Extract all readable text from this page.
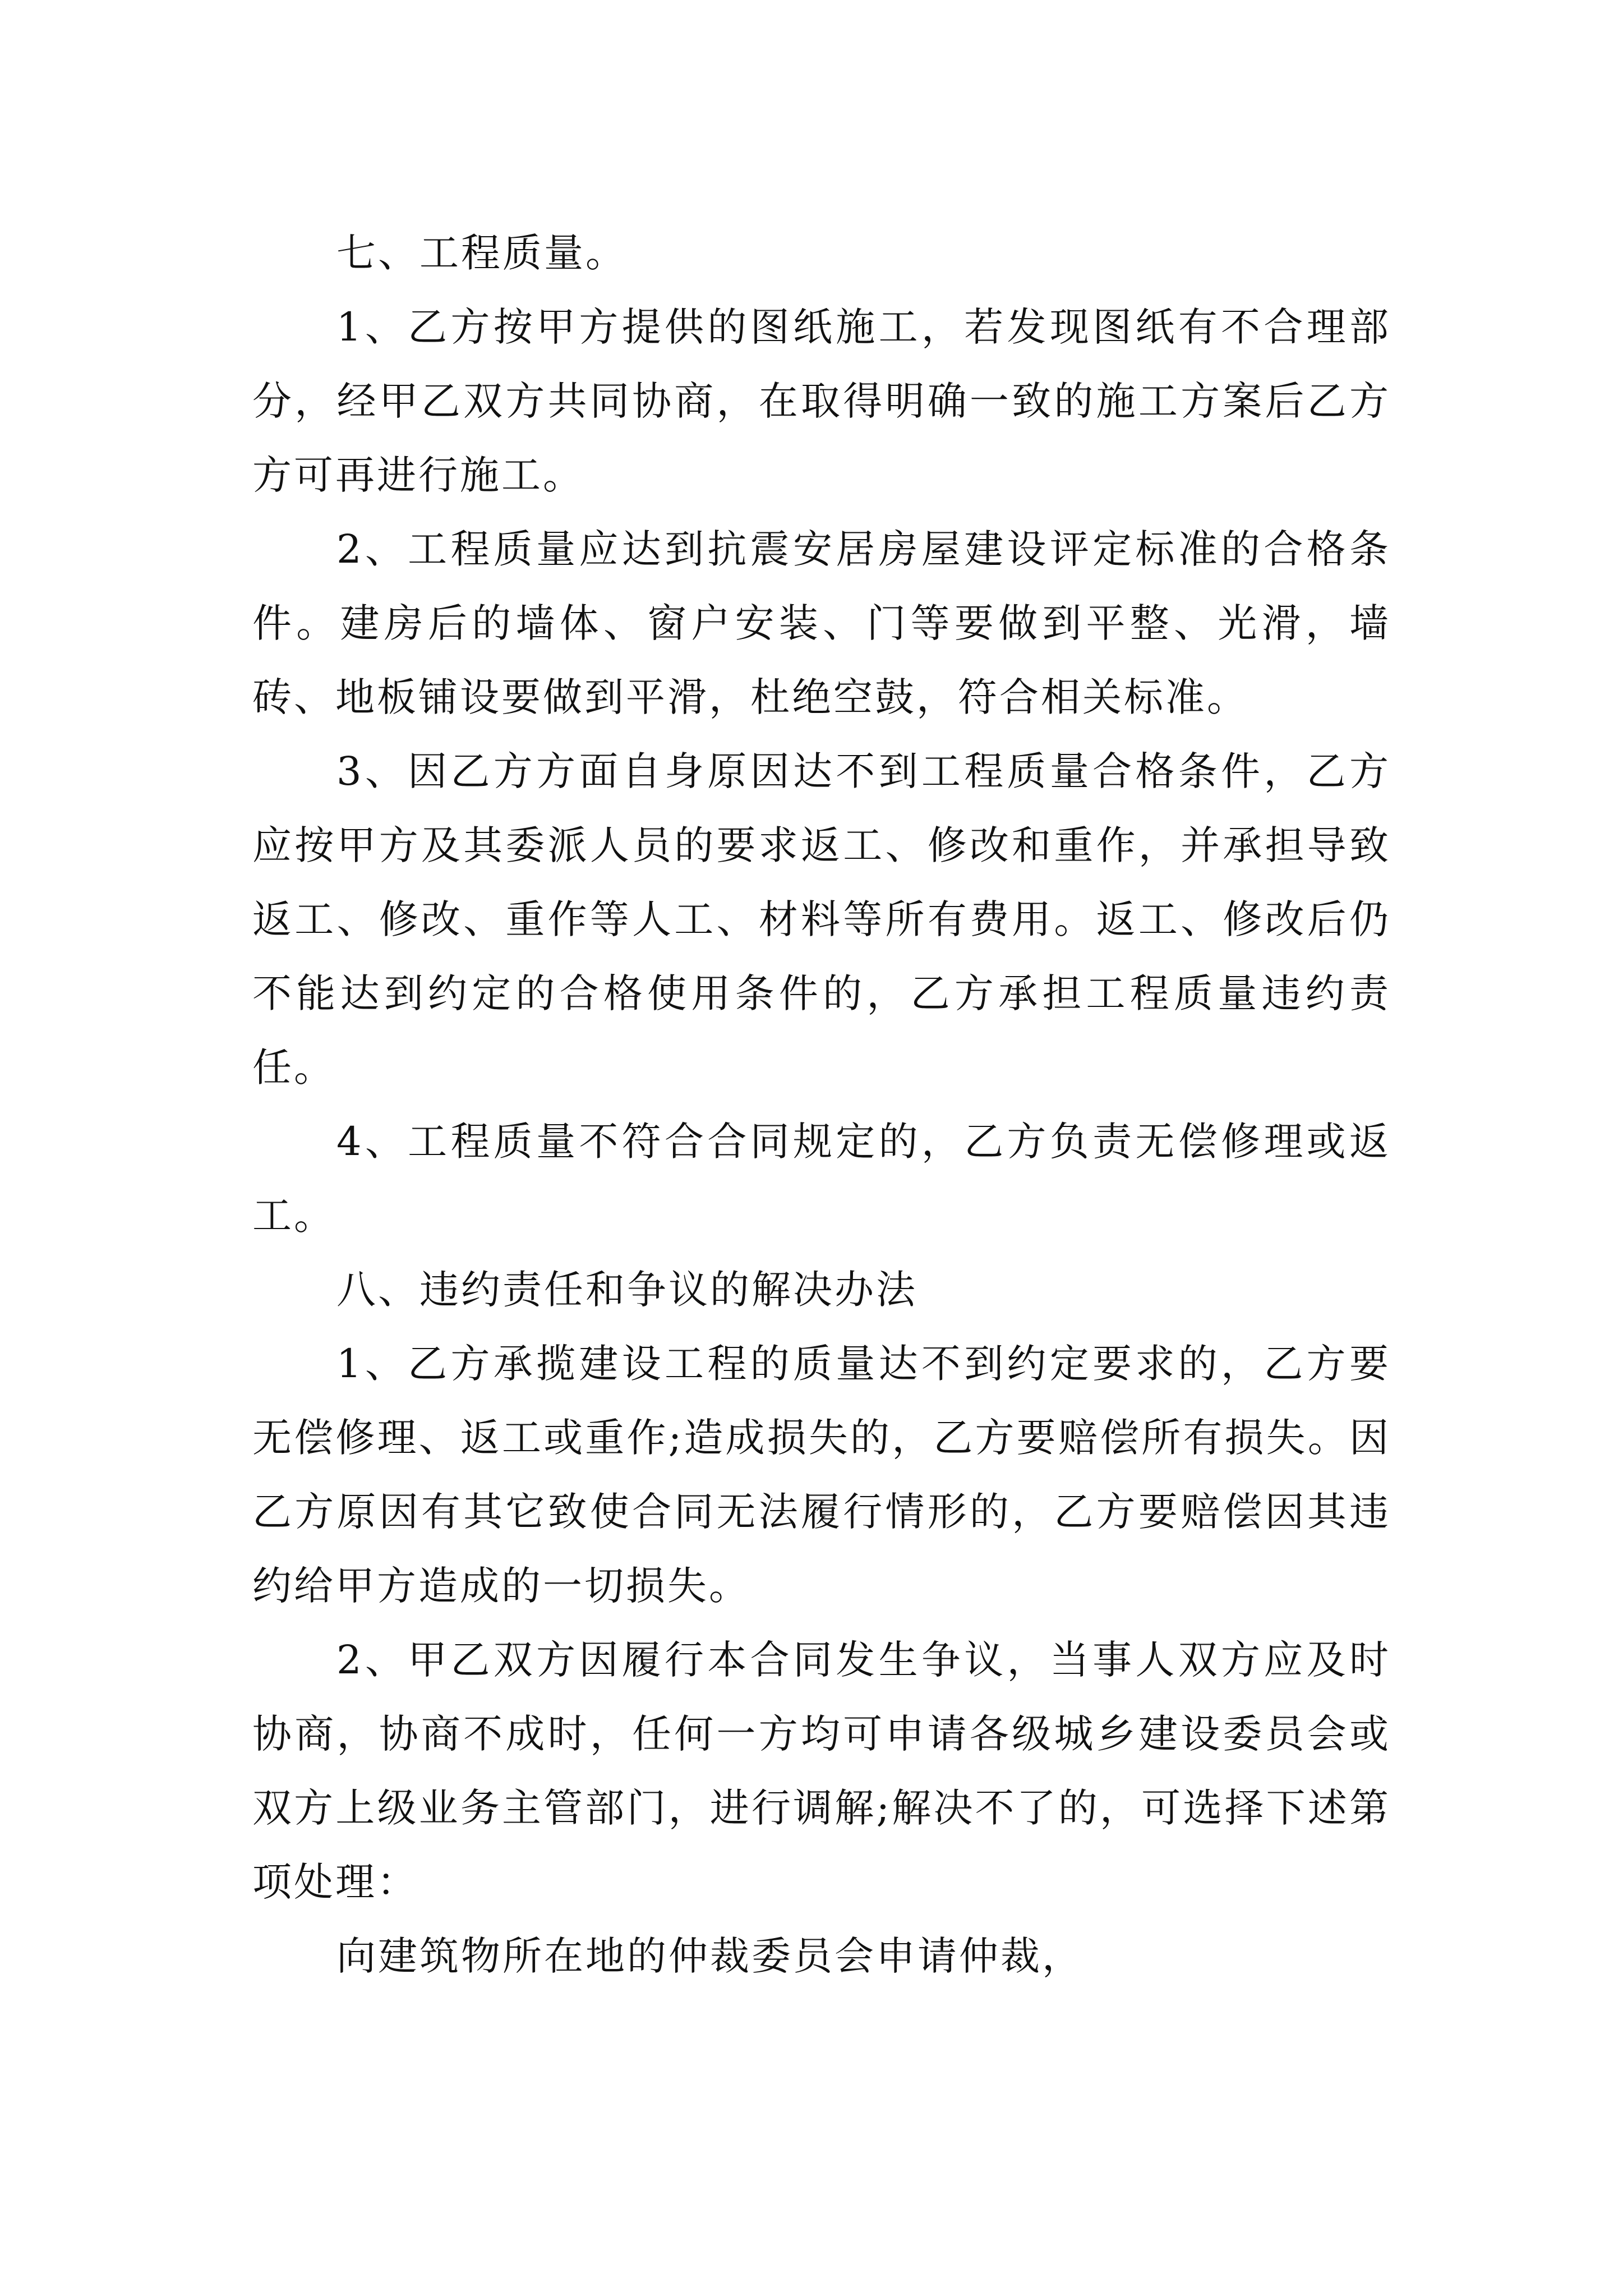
七、工程质量。

1、乙方按甲方提供的图纸施工，若发现图纸有不合理部分，经甲乙双方共同协商，在取得明确一致的施工方案后乙方方可再进行施工。

2、工程质量应达到抗震安居房屋建设评定标准的合格条件。建房后的墙体、窗户安装、门等要做到平整、光滑，墙砖、地板铺设要做到平滑，杜绝空鼓，符合相关标准。

3、因乙方方面自身原因达不到工程质量合格条件，乙方应按甲方及其委派人员的要求返工、修改和重作，并承担导致返工、修改、重作等人工、材料等所有费用。返工、修改后仍不能达到约定的合格使用条件的，乙方承担工程质量违约责任。

4、工程质量不符合合同规定的，乙方负责无偿修理或返工。

八、违约责任和争议的解决办法

1、乙方承揽建设工程的质量达不到约定要求的，乙方要无偿修理、返工或重作;造成损失的，乙方要赔偿所有损失。因乙方原因有其它致使合同无法履行情形的，乙方要赔偿因其违约给甲方造成的一切损失。

2、甲乙双方因履行本合同发生争议，当事人双方应及时协商，协商不成时，任何一方均可申请各级城乡建设委员会或双方上级业务主管部门，进行调解;解决不了的，可选择下述第项处理：

向建筑物所在地的仲裁委员会申请仲裁，
